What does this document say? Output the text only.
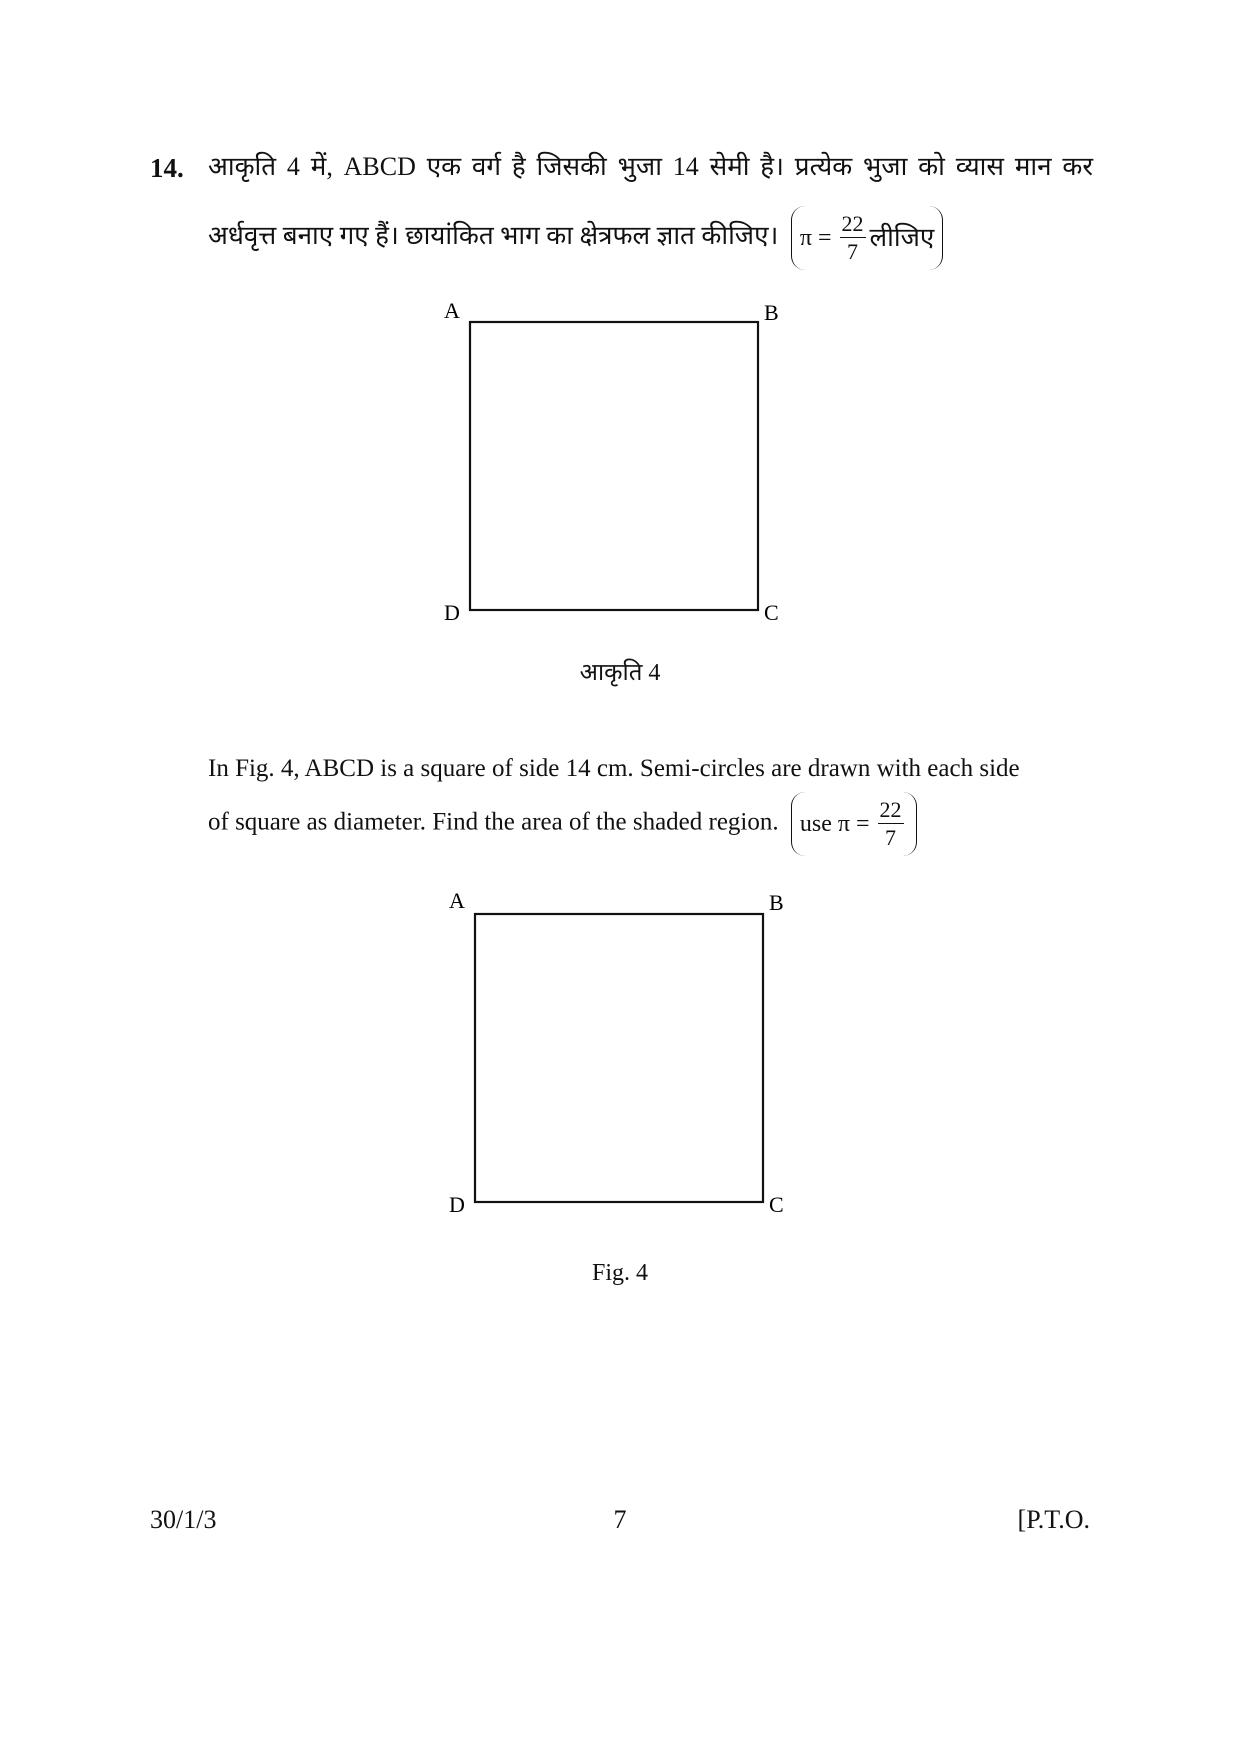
14. आकृति 4 में, ABCD एक वर्ग है जिसकी भुजा 14 सेमी है। प्रत्येक भुजा को व्यास मान कर
अर्धवृत्त बनाए गए हैं। छायांकित भाग का क्षेत्रफल ज्ञात कीजिए। $\pi = \frac{22}{7}$ लीजिए
A	B
C
D
आकृति 4
In Fig. 4, ABCD is a square of side 14 cm. Semi-circles are drawn with each side
of square as diameter. Find the area of the shaded region. use $\pi = \frac{22}{7}$
A	B
C
D
Fig. 4
30/1/3	7	[P.T.O.
